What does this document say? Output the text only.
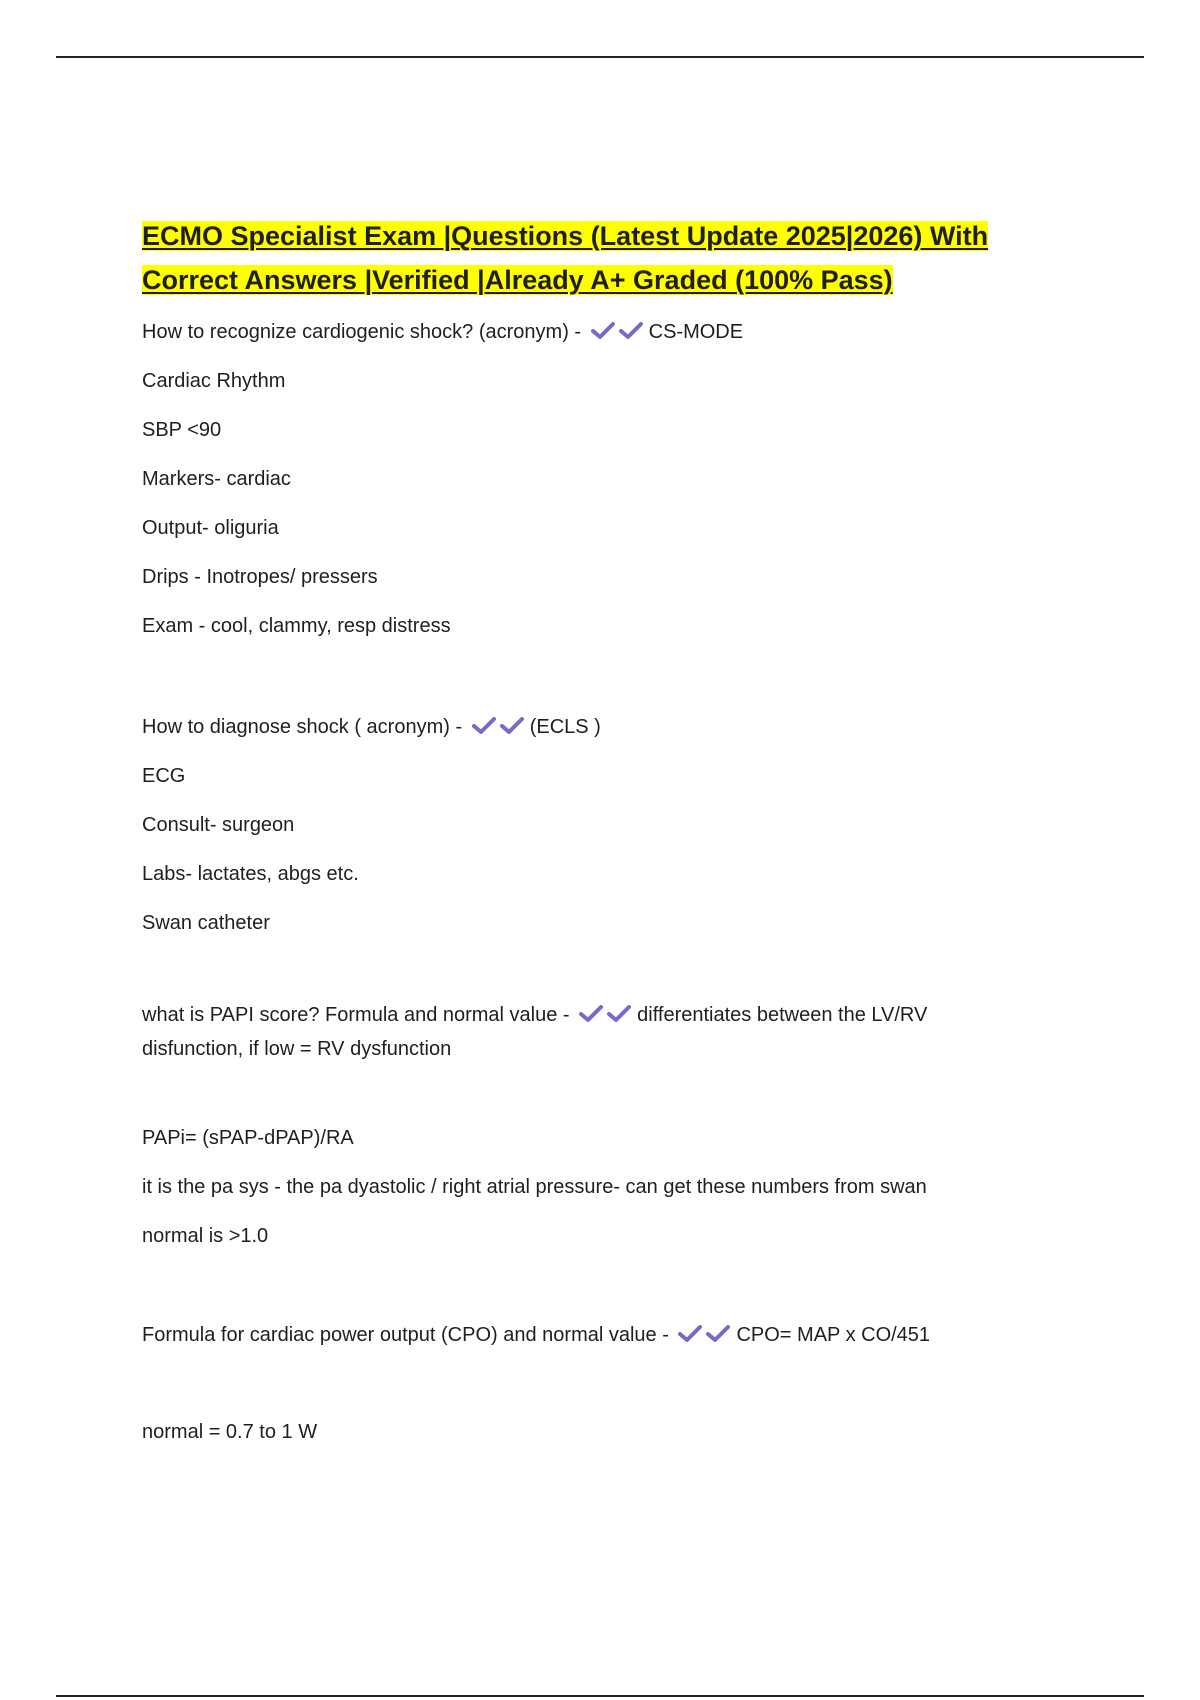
ECMO Specialist Exam |Questions (Latest Update 2025|2026) With
Correct Answers |Verified |Already A+ Graded (100% Pass)

How to recognize cardiogenic shock? (acronym) -	CS-MODE

Cardiac Rhythm

SBP <90

Markers- cardiac

Output- oliguria

Drips - Inotropes/ pressers

Exam - cool, clammy, resp distress

How to diagnose shock ( acronym) -	(ECLS )

ECG

Consult- surgeon

Labs- lactates, abgs etc.

Swan catheter

what is PAPI score? Formula and normal value -	differentiates between the LV/RV
disfunction, if low = RV dysfunction

PAPi= (sPAP-dPAP)/RA

it is the pa sys - the pa dyastolic / right atrial pressure- can get these numbers from swan

normal is >1.0

Formula for cardiac power output (CPO) and normal value -	CPO= MAP x CO/451

normal = 0.7 to 1 W
